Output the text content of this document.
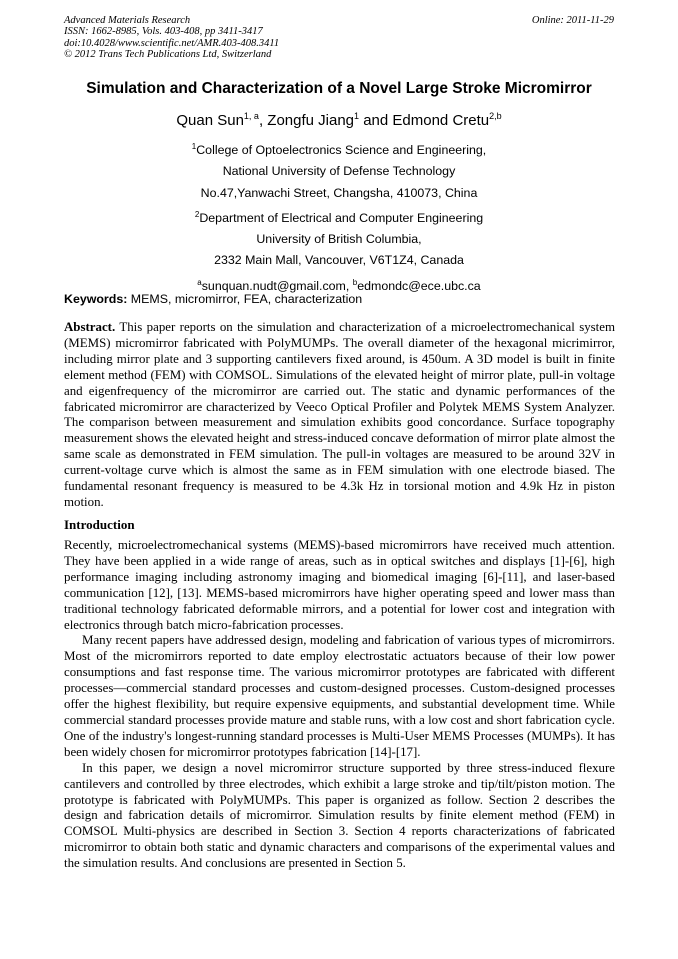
Advanced Materials Research
ISSN: 1662-8985, Vols. 403-408, pp 3411-3417
doi:10.4028/www.scientific.net/AMR.403-408.3411
© 2012 Trans Tech Publications Ltd, Switzerland
Online: 2011-11-29
Simulation and Characterization of a Novel Large Stroke Micromirror
Quan Sun$^{1, a}$, Zongfu Jiang$^1$ and Edmond Cretu$^{2,b}$
$^1$College of Optoelectronics Science and Engineering,
National University of Defense Technology
No.47,Yanwachi Street, Changsha, 410073, China
$^2$Department of Electrical and Computer Engineering
University of British Columbia,
2332 Main Mall, Vancouver, V6T1Z4, Canada
$^a$sunquan.nudt@gmail.com, $^b$edmondc@ece.ubc.ca
Keywords: MEMS, micromirror, FEA, characterization

Abstract. This paper reports on the simulation and characterization of a microelectromechanical system (MEMS) micromirror fabricated with PolyMUMPs. The overall diameter of the hexagonal micrimirror, including mirror plate and 3 supporting cantilevers fixed around, is 450um. A 3D model is built in finite element method (FEM) with COMSOL. Simulations of the elevated height of mirror plate, pull-in voltage and eigenfrequency of the micromirror are carried out. The static and dynamic performances of the fabricated micromirror are characterized by Veeco Optical Profiler and Polytek MEMS System Analyzer. The comparison between measurement and simulation exhibits good concordance. Surface topography measurement shows the elevated height and stress-induced concave deformation of mirror plate almost the same scale as demonstrated in FEM simulation. The pull-in voltages are measured to be around 32V in current-voltage curve which is almost the same as in FEM simulation with one electrode biased. The fundamental resonant frequency is measured to be 4.3k Hz in torsional motion and 4.9k Hz in piston motion.

Introduction

Recently, microelectromechanical systems (MEMS)-based micromirrors have received much attention. They have been applied in a wide range of areas, such as in optical switches and displays [1]-[6], high performance imaging including astronomy imaging and biomedical imaging [6]-[11], and laser-based communication [12], [13]. MEMS-based micromirrors have higher operating speed and lower mass than traditional technology fabricated deformable mirrors, and a potential for lower cost and integration with electronics through batch micro-fabrication processes.

Many recent papers have addressed design, modeling and fabrication of various types of micromirrors. Most of the micromirrors reported to date employ electrostatic actuators because of their low power consumptions and fast response time. The various micromirror prototypes are fabricated with different processes—commercial standard processes and custom-designed processes. Custom-designed processes offer the highest flexibility, but require expensive equipments, and substantial development time. While commercial standard processes provide mature and stable runs, with a low cost and short fabrication cycle. One of the industry's longest-running standard processes is Multi-User MEMS Processes (MUMPs). It has been widely chosen for micromirror prototypes fabrication [14]-[17].

In this paper, we design a novel micromirror structure supported by three stress-induced flexure cantilevers and controlled by three electrodes, which exhibit a large stroke and tip/tilt/piston motion. The prototype is fabricated with PolyMUMPs. This paper is organized as follow. Section 2 describes the design and fabrication details of micromirror. Simulation results by finite element method (FEM) in COMSOL Multi-physics are described in Section 3. Section 4 reports characterizations of fabricated micromirror to obtain both static and dynamic characters and comparisons of the experimental values and the simulation results. And conclusions are presented in Section 5.
